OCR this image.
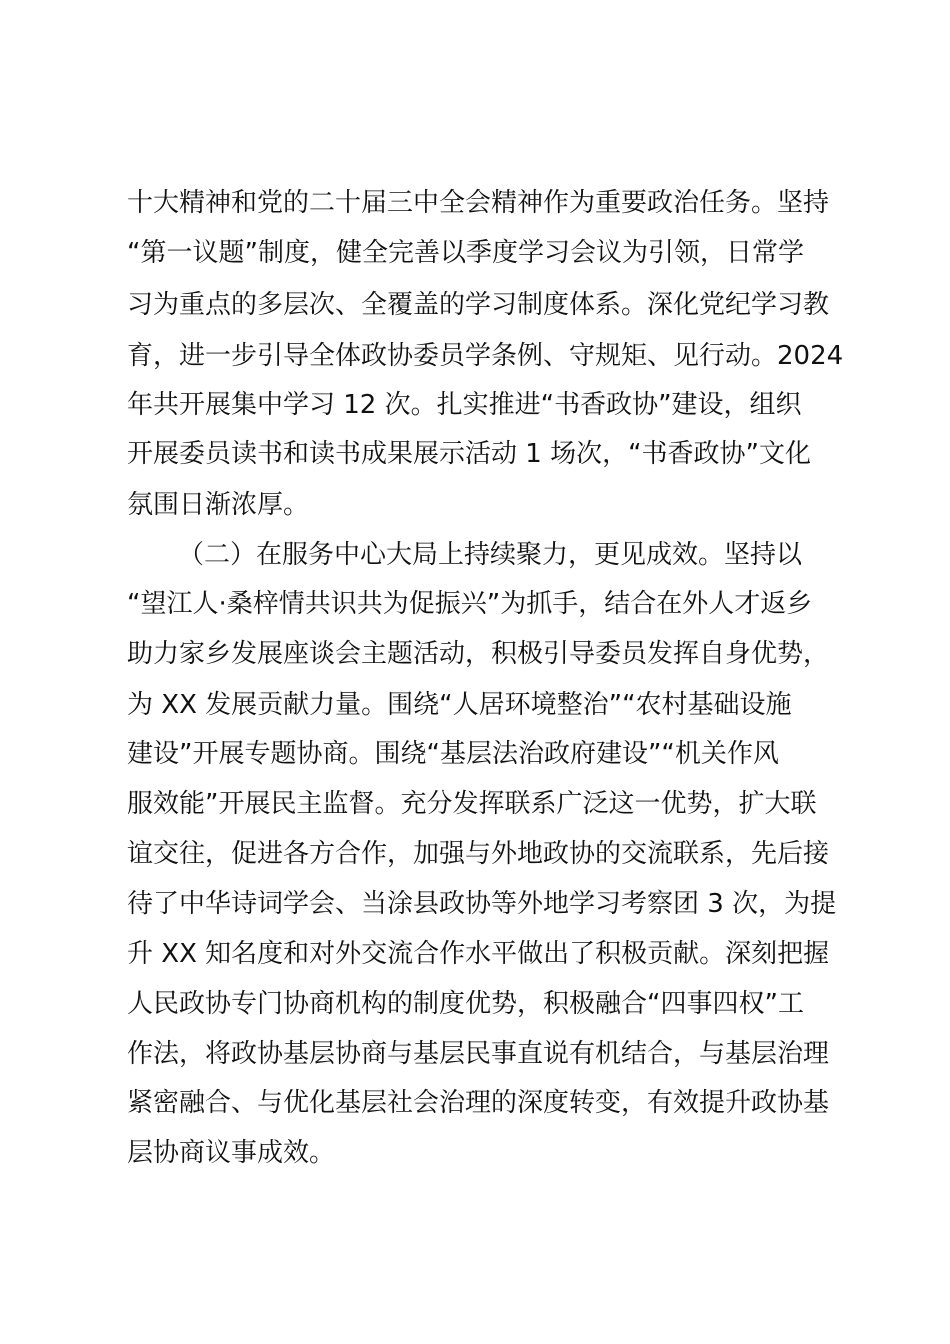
十大精神和党的二十届三中全会精神作为重要政治任务。坚持
“第一议题”制度，健全完善以季度学习会议为引领，日常学
习为重点的多层次、全覆盖的学习制度体系。深化党纪学习教
育，进一步引导全体政协委员学条例、守规矩、见行动。2024
年共开展集中学习 12 次。扎实推进“书香政协”建设，组织
开展委员读书和读书成果展示活动 1 场次，“书香政协”文化
氛围日渐浓厚。
（二）在服务中心大局上持续聚力，更见成效。坚持以
“望江人·桑梓情共识共为促振兴”为抓手，结合在外人才返乡
助力家乡发展座谈会主题活动，积极引导委员发挥自身优势，
为 XX 发展贡献力量。围绕“人居环境整治”“农村基础设施
建设”开展专题协商。围绕“基层法治政府建设”“机关作风
服效能”开展民主监督。充分发挥联系广泛这一优势，扩大联
谊交往，促进各方合作，加强与外地政协的交流联系，先后接
待了中华诗词学会、当涂县政协等外地学习考察团 3 次，为提
升 XX 知名度和对外交流合作水平做出了积极贡献。深刻把握
人民政协专门协商机构的制度优势，积极融合“四事四权”工
作法，将政协基层协商与基层民事直说有机结合，与基层治理
紧密融合、与优化基层社会治理的深度转变，有效提升政协基
层协商议事成效。
